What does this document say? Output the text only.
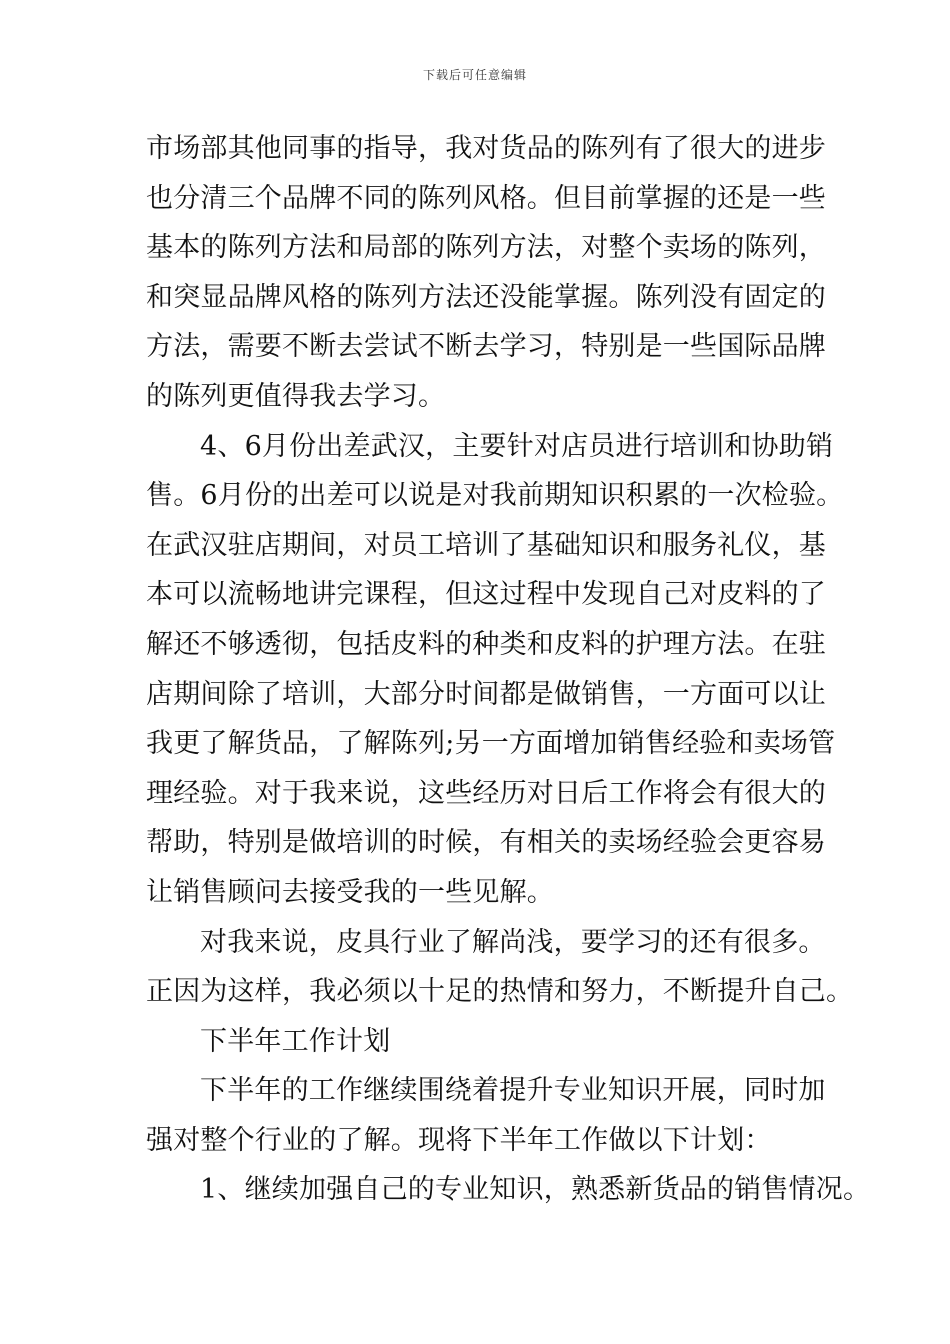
下载后可任意编辑
市场部其他同事的指导，我对货品的陈列有了很大的进步
也分清三个品牌不同的陈列风格。但目前掌握的还是一些
基本的陈列方法和局部的陈列方法，对整个卖场的陈列，
和突显品牌风格的陈列方法还没能掌握。陈列没有固定的
方法，需要不断去尝试不断去学习，特别是一些国际品牌
的陈列更值得我去学习。
4、6月份出差武汉，主要针对店员进行培训和协助销
售。6月份的出差可以说是对我前期知识积累的一次检验。
在武汉驻店期间，对员工培训了基础知识和服务礼仪，基
本可以流畅地讲完课程，但这过程中发现自己对皮料的了
解还不够透彻，包括皮料的种类和皮料的护理方法。在驻
店期间除了培训，大部分时间都是做销售，一方面可以让
我更了解货品，了解陈列;另一方面增加销售经验和卖场管
理经验。对于我来说，这些经历对日后工作将会有很大的
帮助，特别是做培训的时候，有相关的卖场经验会更容易
让销售顾问去接受我的一些见解。
对我来说，皮具行业了解尚浅，要学习的还有很多。
正因为这样，我必须以十足的热情和努力，不断提升自己。
下半年工作计划
下半年的工作继续围绕着提升专业知识开展，同时加
强对整个行业的了解。现将下半年工作做以下计划：
1、继续加强自己的专业知识，熟悉新货品的销售情况。
